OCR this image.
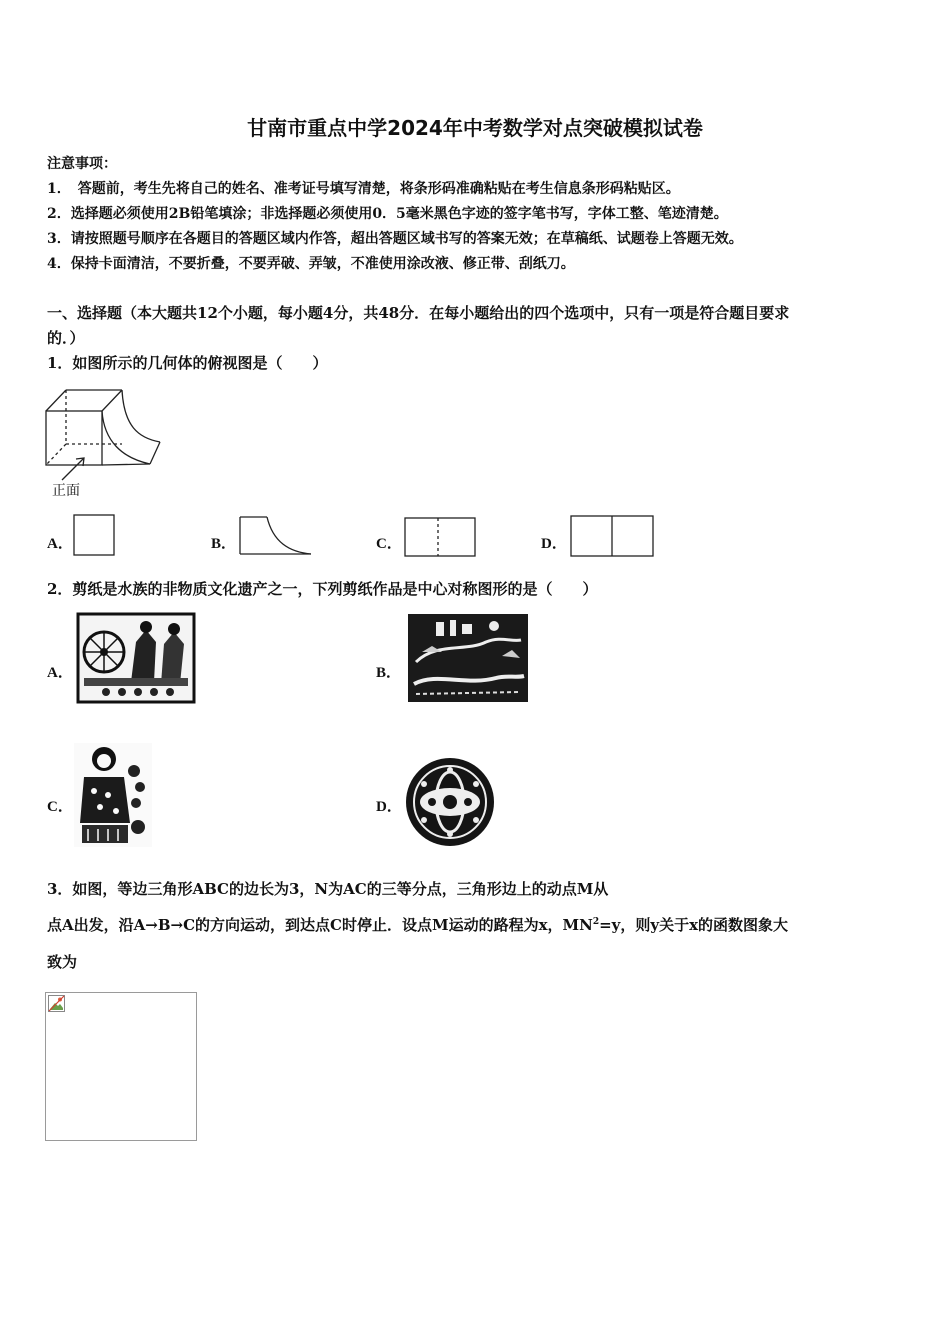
甘南市重点中学2024年中考数学对点突破模拟试卷
注意事项：
1．　答题前，考生先将自己的姓名、准考证号填写清楚，将条形码准确粘贴在考生信息条形码粘贴区。
2．选择题必须使用2B铅笔填涂；非选择题必须使用0．5毫米黑色字迹的签字笔书写，字体工整、笔迹清楚。
3．请按照题号顺序在各题目的答题区域内作答，超出答题区域书写的答案无效；在草稿纸、试题卷上答题无效。
4．保持卡面清洁，不要折叠，不要弄破、弄皱，不准使用涂改液、修正带、刮纸刀。
一、选择题（本大题共12个小题，每小题4分，共48分．在每小题给出的四个选项中，只有一项是符合题目要求
的．）
1．如图所示的几何体的俯视图是（　　）
正面
A．	B．	C．	D．
2．剪纸是水族的非物质文化遗产之一，下列剪纸作品是中心对称图形的是（　　）
A．	B．
C．	D．
3．如图，等边三角形ABC的边长为3，N为AC的三等分点，三角形边上的动点M从
点A出发，沿A→B→C的方向运动，到达点C时停止．设点M运动的路程为x，$MN^2=y$，则y关于x的函数图象大
致为
